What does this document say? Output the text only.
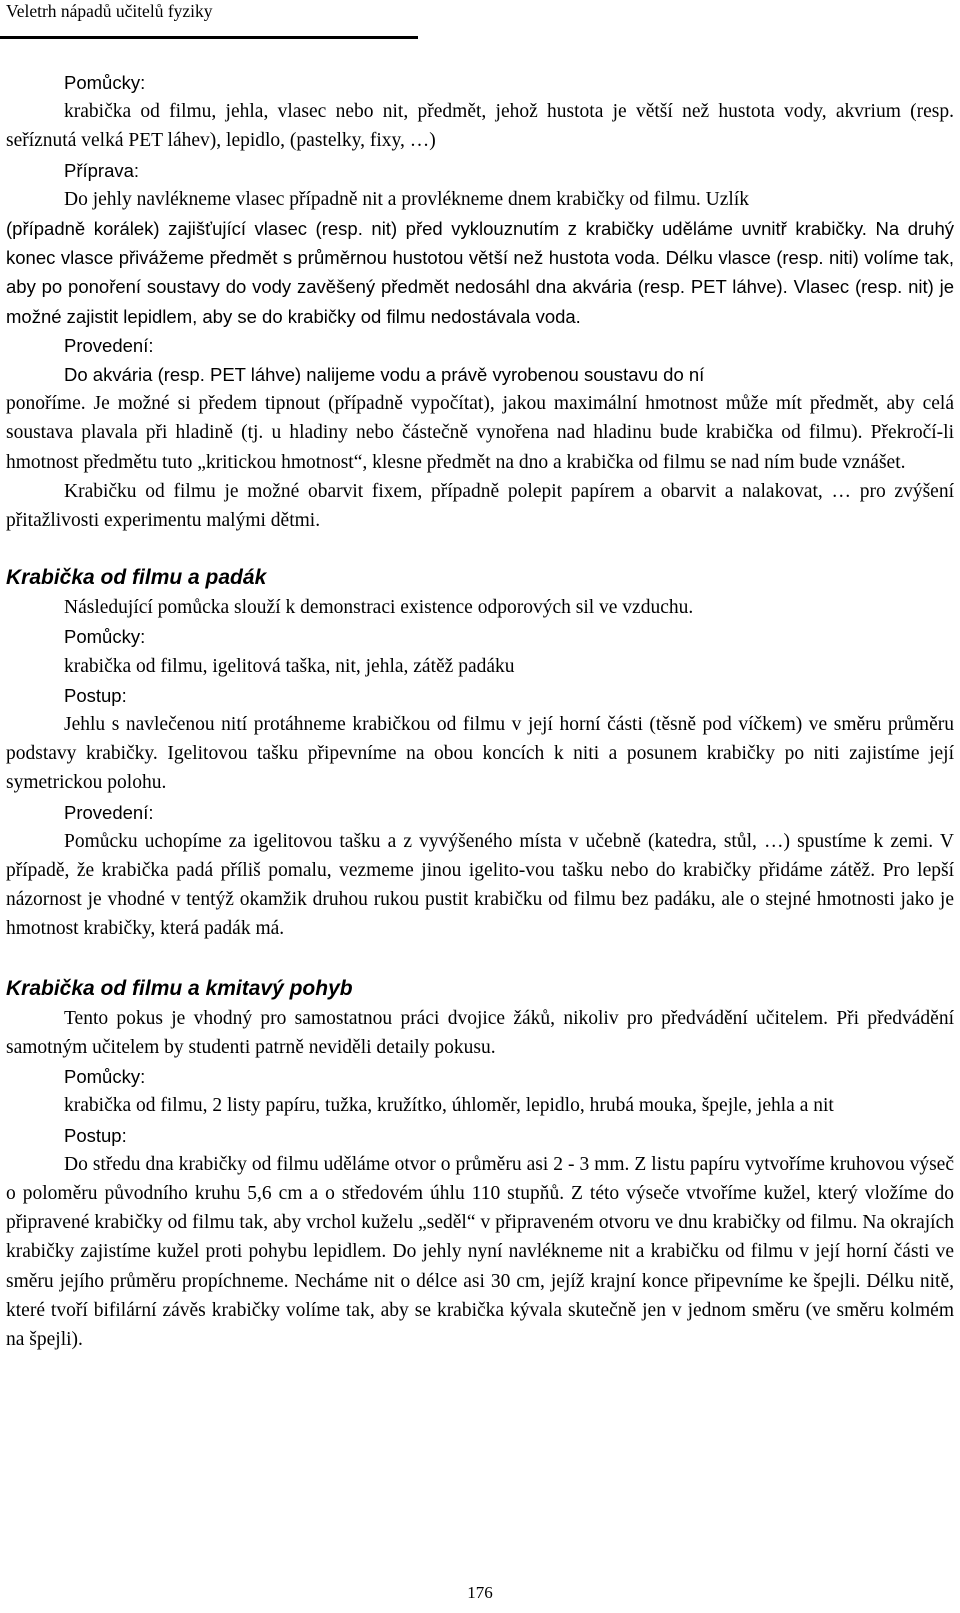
Veletrh nápadů učitelů fyziky

Pomůcky:

krabička od filmu, jehla, vlasec nebo nit, předmět, jehož hustota je větší než hustota vody, akvrium (resp. seříznutá velká PET láhev), lepidlo, (pastelky, fixy, …)

Příprava:

Do jehly navlékneme vlasec případně nit a provlékneme dnem krabičky od filmu. Uzlík

(případně korálek) zajišťující vlasec (resp. nit) před vyklouznutím z krabičky uděláme uvnitř krabičky. Na druhý konec vlasce přivážeme předmět s průměrnou hustotou větší než hustota voda. Délku vlasce (resp. niti) volíme tak, aby po ponoření soustavy do vody zavěšený předmět nedosáhl dna akvária (resp. PET láhve). Vlasec (resp. nit) je možné zajistit lepidlem, aby se do krabičky od filmu nedostávala voda.

Provedení:

Do akvária (resp. PET láhve) nalijeme vodu a právě vyrobenou soustavu do ní

ponoříme. Je možné si předem tipnout (případně vypočítat), jakou maximální hmotnost může mít předmět, aby celá soustava plavala při hladině (tj. u hladiny nebo částečně vynořena nad hladinu bude krabička od filmu). Překročí-li hmotnost předmětu tuto „kritickou hmotnost“, klesne předmět na dno a krabička od filmu se nad ním bude vznášet.

Krabičku od filmu je možné obarvit fixem, případně polepit papírem a obarvit a nalakovat, … pro zvýšení přitažlivosti experimentu malými dětmi.

Krabička od filmu a padák

Následující pomůcka slouží k demonstraci existence odporových sil ve vzduchu.

Pomůcky:

krabička od filmu, igelitová taška, nit, jehla, zátěž padáku

Postup:

Jehlu s navlečenou nití protáhneme krabičkou od filmu v její horní části (těsně pod víčkem) ve směru průměru podstavy krabičky. Igelitovou tašku připevníme na obou koncích k niti a posunem krabičky po niti zajistíme její symetrickou polohu.

Provedení:

Pomůcku uchopíme za igelitovou tašku a z vyvýšeného místa v učebně (katedra, stůl, …) spustíme k zemi. V případě, že krabička padá příliš pomalu, vezmeme jinou igelito-vou tašku nebo do krabičky přidáme zátěž. Pro lepší názornost je vhodné v tentýž okamžik druhou rukou pustit krabičku od filmu bez padáku, ale o stejné hmotnosti jako je hmotnost krabičky, která padák má.

Krabička od filmu a kmitavý pohyb

Tento pokus je vhodný pro samostatnou práci dvojice žáků, nikoliv pro předvádění učitelem. Při předvádění samotným učitelem by studenti patrně neviděli detaily pokusu.

Pomůcky:

krabička od filmu, 2 listy papíru, tužka, kružítko, úhloměr, lepidlo, hrubá mouka, špejle, jehla a nit

Postup:

Do středu dna krabičky od filmu uděláme otvor o průměru asi 2 - 3 mm. Z listu papíru vytvoříme kruhovou výseč o poloměru původního kruhu 5,6 cm a o středovém úhlu 110 stupňů. Z této výseče vtvoříme kužel, který vložíme do připravené krabičky od filmu tak, aby vrchol kuželu „seděl“ v připraveném otvoru ve dnu krabičky od filmu. Na okrajích krabičky zajistíme kužel proti pohybu lepidlem. Do jehly nyní navlékneme nit a krabičku od filmu v její horní části ve směru jejího průměru propíchneme. Necháme nit o délce asi 30 cm, jejíž krajní konce připevníme ke špejli. Délku nitě, které tvoří bifilární závěs krabičky volíme tak, aby se krabička kývala skutečně jen v jednom směru (ve směru kolmém na špejli).

176
